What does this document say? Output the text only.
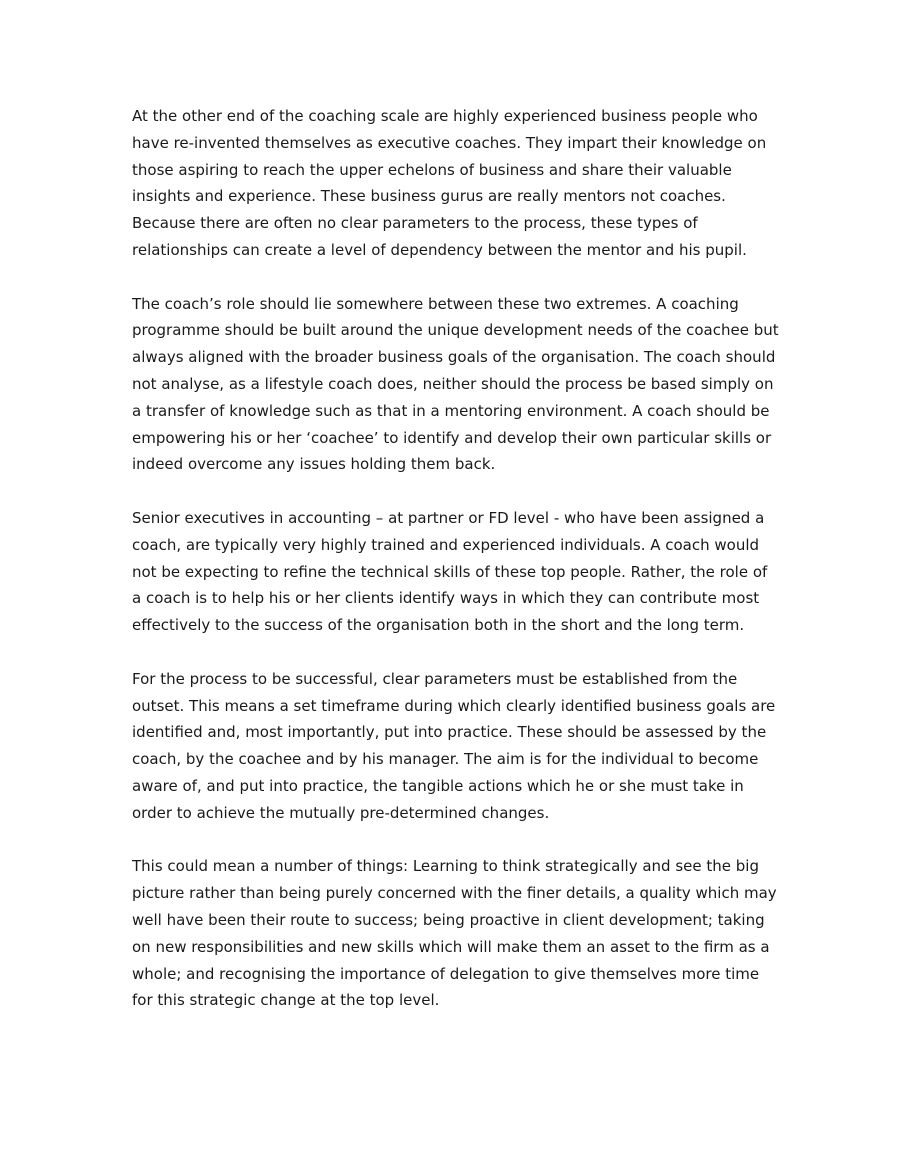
At the other end of the coaching scale are highly experienced business people who
have re-invented themselves as executive coaches. They impart their knowledge on
those aspiring to reach the upper echelons of business and share their valuable
insights and experience. These business gurus are really mentors not coaches.
Because there are often no clear parameters to the process, these types of
relationships can create a level of dependency between the mentor and his pupil.

The coach’s role should lie somewhere between these two extremes. A coaching
programme should be built around the unique development needs of the coachee but
always aligned with the broader business goals of the organisation. The coach should
not analyse, as a lifestyle coach does, neither should the process be based simply on
a transfer of knowledge such as that in a mentoring environment. A coach should be
empowering his or her ‘coachee’ to identify and develop their own particular skills or
indeed overcome any issues holding them back.

Senior executives in accounting – at partner or FD level - who have been assigned a
coach, are typically very highly trained and experienced individuals. A coach would
not be expecting to refine the technical skills of these top people. Rather, the role of
a coach is to help his or her clients identify ways in which they can contribute most
effectively to the success of the organisation both in the short and the long term.

For the process to be successful, clear parameters must be established from the
outset. This means a set timeframe during which clearly identified business goals are
identified and, most importantly, put into practice. These should be assessed by the
coach, by the coachee and by his manager. The aim is for the individual to become
aware of, and put into practice, the tangible actions which he or she must take in
order to achieve the mutually pre-determined changes.

This could mean a number of things: Learning to think strategically and see the big
picture rather than being purely concerned with the finer details, a quality which may
well have been their route to success; being proactive in client development; taking
on new responsibilities and new skills which will make them an asset to the firm as a
whole; and recognising the importance of delegation to give themselves more time
for this strategic change at the top level.
